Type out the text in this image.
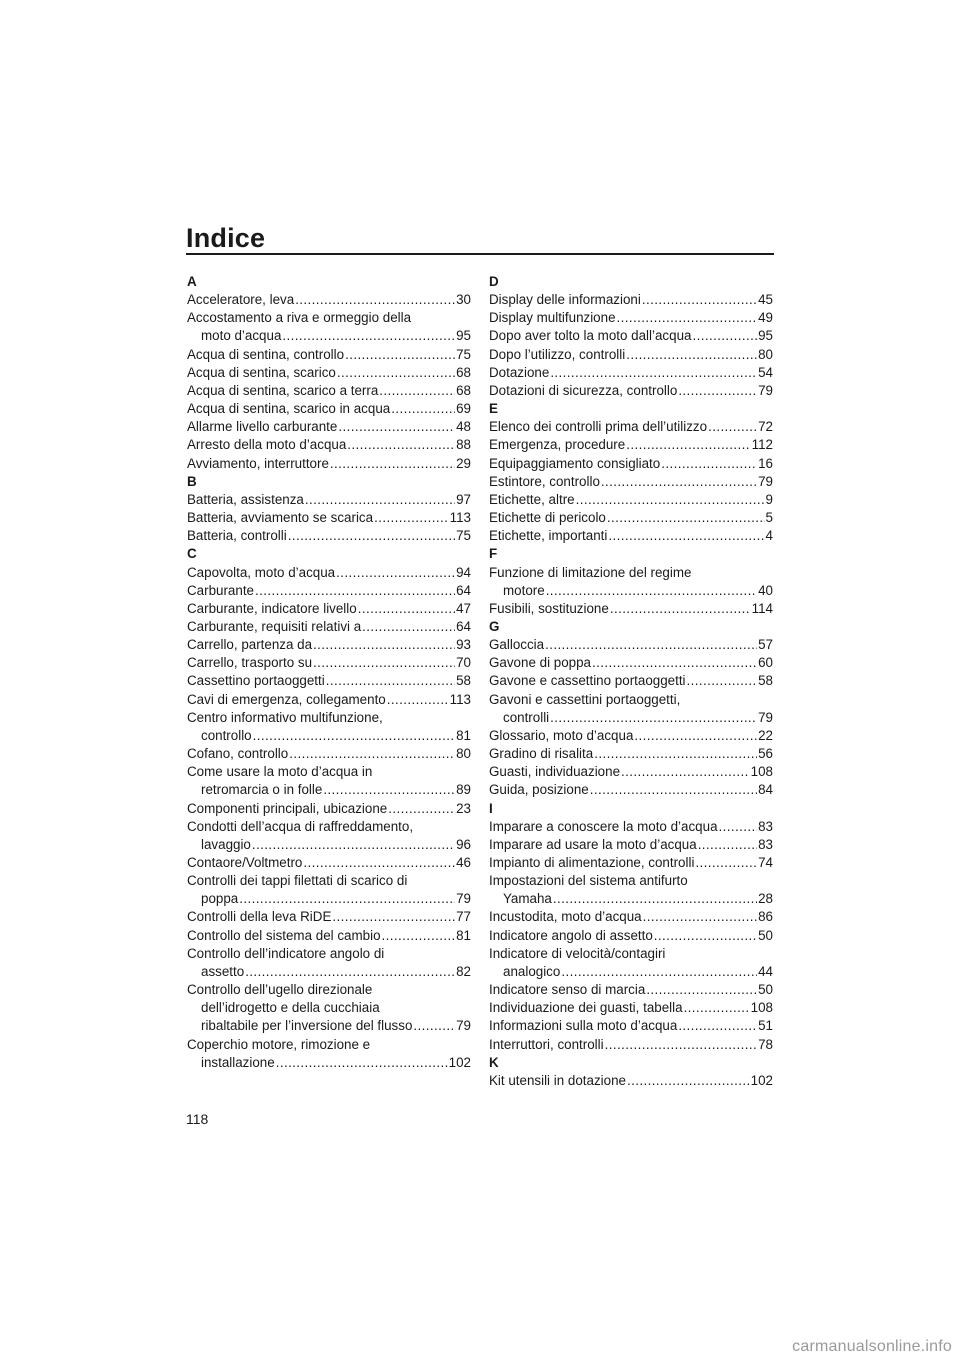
Indice
A
Acceleratore, leva .....	30
Accostamento a riva e ormeggio della
moto d’acqua .....	95
Acqua di sentina, controllo .....	75
Acqua di sentina, scarico .....	68
Acqua di sentina, scarico a terra .....	68
Acqua di sentina, scarico in acqua .....	69
Allarme livello carburante .....	48
Arresto della moto d’acqua .....	88
Avviamento, interruttore .....	29
B
Batteria, assistenza .....	97
Batteria, avviamento se scarica .....	113
Batteria, controlli .....	75
C
Capovolta, moto d’acqua .....	94
Carburante .....	64
Carburante, indicatore livello .....	47
Carburante, requisiti relativi a .....	64
Carrello, partenza da .....	93
Carrello, trasporto su .....	70
Cassettino portaoggetti .....	58
Cavi di emergenza, collegamento .....	113
Centro informativo multifunzione,
controllo .....	81
Cofano, controllo .....	80
Come usare la moto d’acqua in
retromarcia o in folle .....	89
Componenti principali, ubicazione .....	23
Condotti dell’acqua di raffreddamento,
lavaggio .....	96
Contaore/Voltmetro .....	46
Controlli dei tappi filettati di scarico di
poppa .....	79
Controlli della leva RiDE .....	77
Controllo del sistema del cambio .....	81
Controllo dell’indicatore angolo di
assetto .....	82
Controllo dell’ugello direzionale
dell’idrogetto e della cucchiaia
ribaltabile per l’inversione del flusso .....	79
Coperchio motore, rimozione e
installazione .....	102
D
Display delle informazioni .....	45
Display multifunzione .....	49
Dopo aver tolto la moto dall’acqua .....	95
Dopo l’utilizzo, controlli .....	80
Dotazione .....	54
Dotazioni di sicurezza, controllo .....	79
E
Elenco dei controlli prima dell’utilizzo .....	72
Emergenza, procedure .....	112
Equipaggiamento consigliato .....	16
Estintore, controllo .....	79
Etichette, altre .....	9
Etichette di pericolo .....	5
Etichette, importanti .....	4
F
Funzione di limitazione del regime
motore .....	40
Fusibili, sostituzione .....	114
G
Galloccia .....	57
Gavone di poppa .....	60
Gavone e cassettino portaoggetti .....	58
Gavoni e cassettini portaoggetti,
controlli .....	79
Glossario, moto d’acqua .....	22
Gradino di risalita .....	56
Guasti, individuazione .....	108
Guida, posizione .....	84
I
Imparare a conoscere la moto d’acqua .....	83
Imparare ad usare la moto d’acqua .....	83
Impianto di alimentazione, controlli .....	74
Impostazioni del sistema antifurto
Yamaha .....	28
Incustodita, moto d’acqua .....	86
Indicatore angolo di assetto .....	50
Indicatore di velocità/contagiri
analogico .....	44
Indicatore senso di marcia .....	50
Individuazione dei guasti, tabella .....	108
Informazioni sulla moto d’acqua .....	51
Interruttori, controlli .....	78
K
Kit utensili in dotazione .....	102
118
carmanualsonline.info
